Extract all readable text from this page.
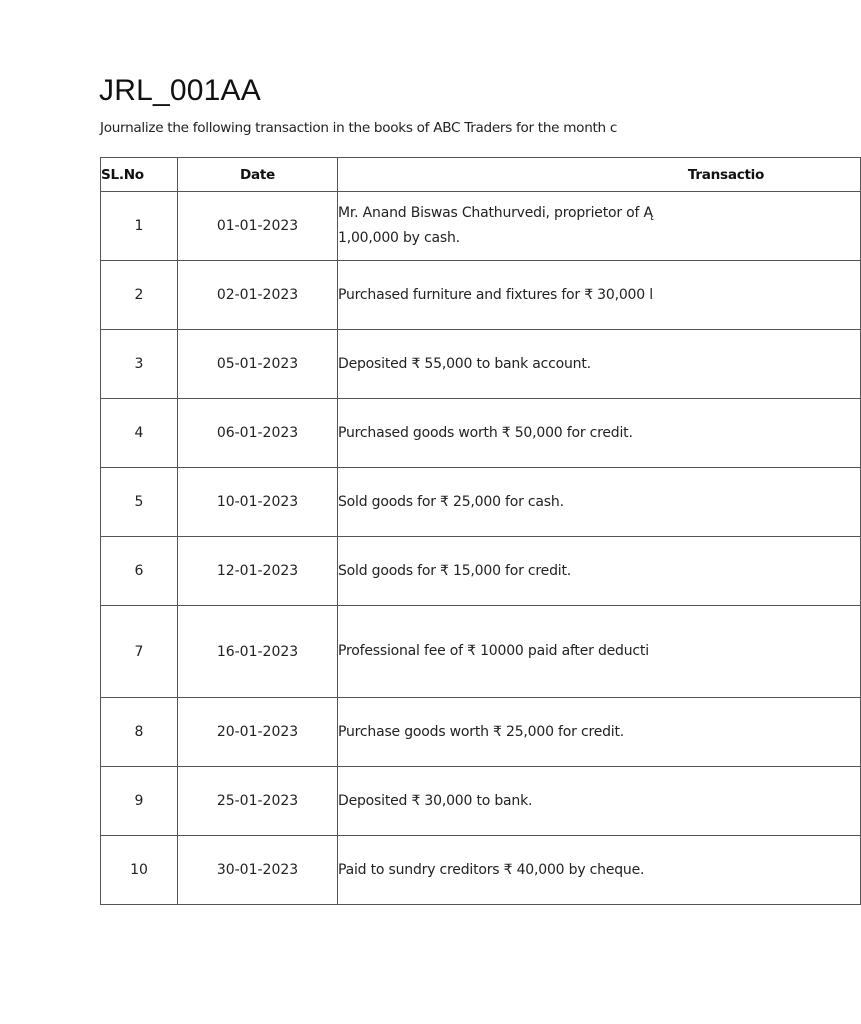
JRL_001AA
Journalize the following transaction in the books of ABC Traders for the month c
SL.No	Date	Transactio
1	01-01-2023	Mr. Anand Biswas Chathurvedi, proprietor of Ą
1,00,000 by cash.

2	02-01-2023	Purchased furniture and fixtures for ₹ 30,000 l
3	05-01-2023	Deposited ₹ 55,000 to bank account.
4	06-01-2023	Purchased goods worth ₹ 50,000 for credit.
5	10-01-2023	Sold goods for ₹ 25,000 for cash.
6	12-01-2023	Sold goods for ₹ 15,000 for credit.
7	16-01-2023	Professional fee of ₹ 10000 paid after deducti
8	20-01-2023	Purchase goods worth ₹ 25,000 for credit.
9	25-01-2023	Deposited ₹ 30,000 to bank.
10	30-01-2023	Paid to sundry creditors ₹ 40,000 by cheque.
